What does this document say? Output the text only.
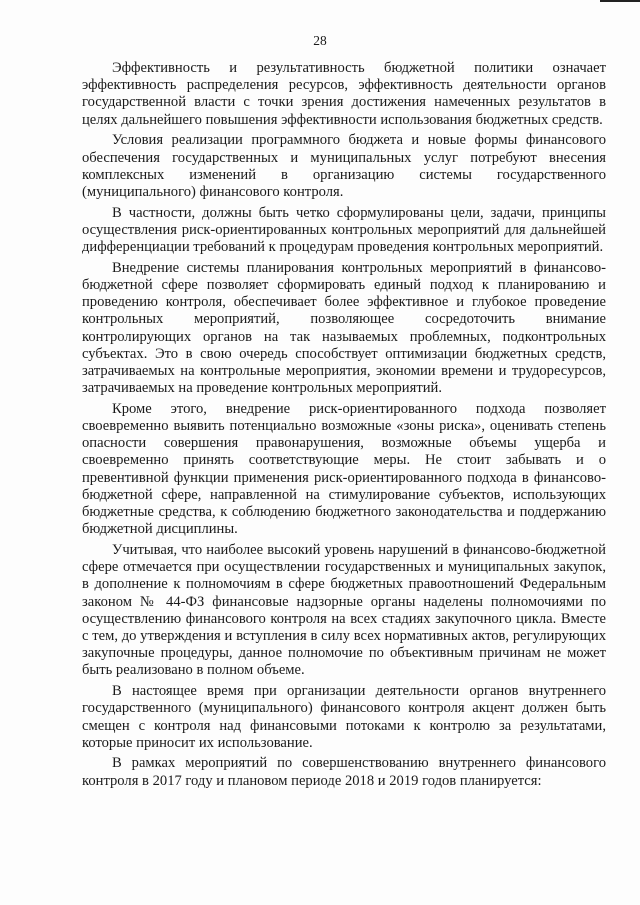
28

Эффективность и результативность бюджетной политики означает эффективность распределения ресурсов, эффективность деятельности органов государственной власти с точки зрения достижения намеченных результатов в целях дальнейшего повышения эффективности использования бюджетных средств.

Условия реализации программного бюджета и новые формы финансового обеспечения государственных и муниципальных услуг потребуют внесения комплексных изменений в организацию системы государственного (муниципального) финансового контроля.

В частности, должны быть четко сформулированы цели, задачи, принципы осуществления риск-ориентированных контрольных мероприятий для дальнейшей дифференциации требований к процедурам проведения контрольных мероприятий.

Внедрение системы планирования контрольных мероприятий в финансово-бюджетной сфере позволяет сформировать единый подход к планированию и проведению контроля, обеспечивает более эффективное и глубокое проведение контрольных мероприятий, позволяющее сосредоточить внимание контролирующих органов на так называемых проблемных, подконтрольных субъектах. Это в свою очередь способствует оптимизации бюджетных средств, затрачиваемых на контрольные мероприятия, экономии времени и трудоресурсов, затрачиваемых на проведение контрольных мероприятий.

Кроме этого, внедрение риск-ориентированного подхода позволяет своевременно выявить потенциально возможные «зоны риска», оценивать степень опасности совершения правонарушения, возможные объемы ущерба и своевременно принять соответствующие меры. Не стоит забывать и о превентивной функции применения риск-ориентированного подхода в финансово-бюджетной сфере, направленной на стимулирование субъектов, использующих бюджетные средства, к соблюдению бюджетного законодательства и поддержанию бюджетной дисциплины.

Учитывая, что наиболее высокий уровень нарушений в финансово-бюджетной сфере отмечается при осуществлении государственных и муниципальных закупок, в дополнение к полномочиям в сфере бюджетных правоотношений Федеральным законом № 44-ФЗ финансовые надзорные органы наделены полномочиями по осуществлению финансового контроля на всех стадиях закупочного цикла. Вместе с тем, до утверждения и вступления в силу всех нормативных актов, регулирующих закупочные процедуры, данное полномочие по объективным причинам не может быть реализовано в полном объеме.

В настоящее время при организации деятельности органов внутреннего государственного (муниципального) финансового контроля акцент должен быть смещен с контроля над финансовыми потоками к контролю за результатами, которые приносит их использование.

В рамках мероприятий по совершенствованию внутреннего финансового контроля в 2017 году и плановом периоде 2018 и 2019 годов планируется:
